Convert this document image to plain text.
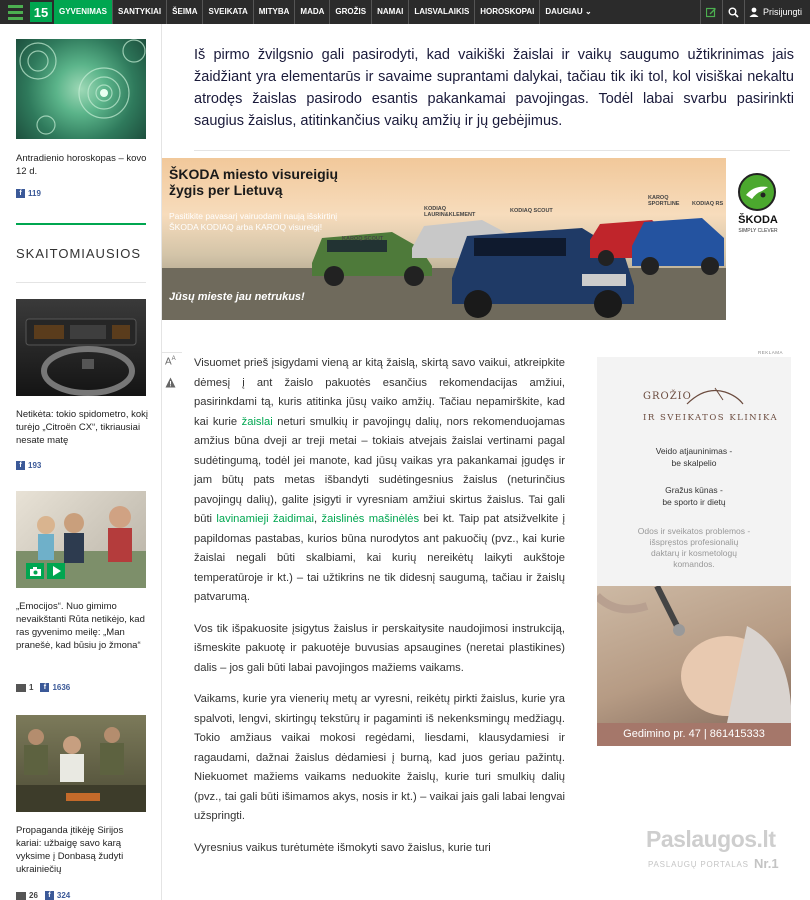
15	GYVENIMAS	SANTYKIAI	ŠEIMA	SVEIKATA	MITYBA	MADA	GROŽIS	NAMAI	LAISVALAIKIS	HOROSKOPAI	DAUGIAU ⌄	Prisijungti
Antradienio horoskopas – kovo 12 d.
f 119
SKAITOMIAUSIOS
Netikėta: tokio spidometro, kokį turėjo „Citroën CX“, tikriausiai nesate matę
f 193
„Emocijos“. Nuo gimimo nevaikštanti Rūta netikėjo, kad ras gyvenimo meilę: „Man pranešė, kad būsiu jo žmona“
1	f 1636
Propaganda įtikėję Sirijos kariai: užbaigę savo karą vyksime į Donbasą žudyti ukrainiečių
26	f 324

Iš pirmo žvilgsnio gali pasirodyti, kad vaikiški žaislai ir vaikų saugumo užtikrinimas jais žaidžiant yra elementarūs ir savaime suprantami dalykai, tačiau tik iki tol, kol visiškai nekaltu atrodęs žaislas pasirodo esantis pakankamai pavojingas. Todėl labai svarbu pasirinkti saugius žaislus, atitinkančius vaikų amžių ir jų gebėjimus.

ŠKODA miesto visureigių žygis per Lietuvą
Pasitikite pavasarį vairuodami naują išskirtinį ŠKODA KODIAQ arba KAROQ visureigį!
KAROQ SCOUT
KODIAQ LAURIN&KLEMENT
KODIAQ SCOUT
KAROQ SPORTLINE	KODIAQ RS
Jūsų mieste jau netrukus!
ŠKODA
SIMPLY CLEVER
$A^A$ Visuomet prieš įsigydami vieną ar kitą žaislą, skirtą savo vaikui, atkreipkite dėmesį į ant žaislo pakuotės esančius rekomendacijas amžiui, pasirinkdami tą, kuris atitinka jūsų vaiko amžių. Tačiau nepamirškite, kad kai kurie žaislai neturi smulkių ir pavojingų dalių, nors rekomenduojamas amžius būna dveji ar treji metai – tokiais atvejais žaislai vertinami pagal sudėtingumą, todėl jei manote, kad jūsų vaikas yra pakankamai įgudęs ir jam būtų pats metas išbandyti sudėtingesnius žaislus (neturinčius pavojingų dalių), galite įsigyti ir vyresniam amžiui skirtus žaislus. Tai gali būti lavinamieji žaidimai, žaislinės mašinėlės bei kt. Taip pat atsižvelkite į papildomas pastabas, kurios būna nurodytos ant pakuočių (pvz., kai kurie žaislai negali būti skalbiami, kai kurių nereikėtų laikyti aukštoje temperatūroje ir kt.) – tai užtikrins ne tik didesnį saugumą, tačiau ir žaislų patvarumą.

Vos tik išpakuosite įsigytus žaislus ir perskaitysite naudojimosi instrukciją, išmeskite pakuotę ir pakuotėje buvusias apsaugines (neretai plastikines) dalis – jos gali būti labai pavojingos mažiems vaikams.

Vaikams, kurie yra vienerių metų ar vyresni, reikėtų pirkti žaislus, kurie yra spalvoti, lengvi, skirtingų tekstūrų ir pagaminti iš nekenksmingų medžiagų. Tokio amžiaus vaikai mokosi regėdami, liesdami, klausydamiesi ir ragaudami, dažnai žaislus dėdamiesi į burną, kad juos geriau pažintų. Niekuomet mažiems vaikams neduokite žaislų, kurie turi smulkių dalių (pvz., tai gali būti išimamos akys, nosis ir kt.) – vaikai jais gali labai lengvai užspringti.

Vyresnius vaikus turėtumėte išmokyti savo žaislus, kurie turi

REKLAMA
GROŽIO
IR SVEIKATOS KLINIKA
Veido atjauninimas -
be skalpelio
Gražus kūnas -
be sporto ir dietų
Odos ir sveikatos problemos -
išspręstos profesionalių
daktarų ir kosmetologų
komandos.
Gedimino pr. 47 | 861415333
Paslaugos.lt
PASLAUGŲ PORTALAS Nr.1
